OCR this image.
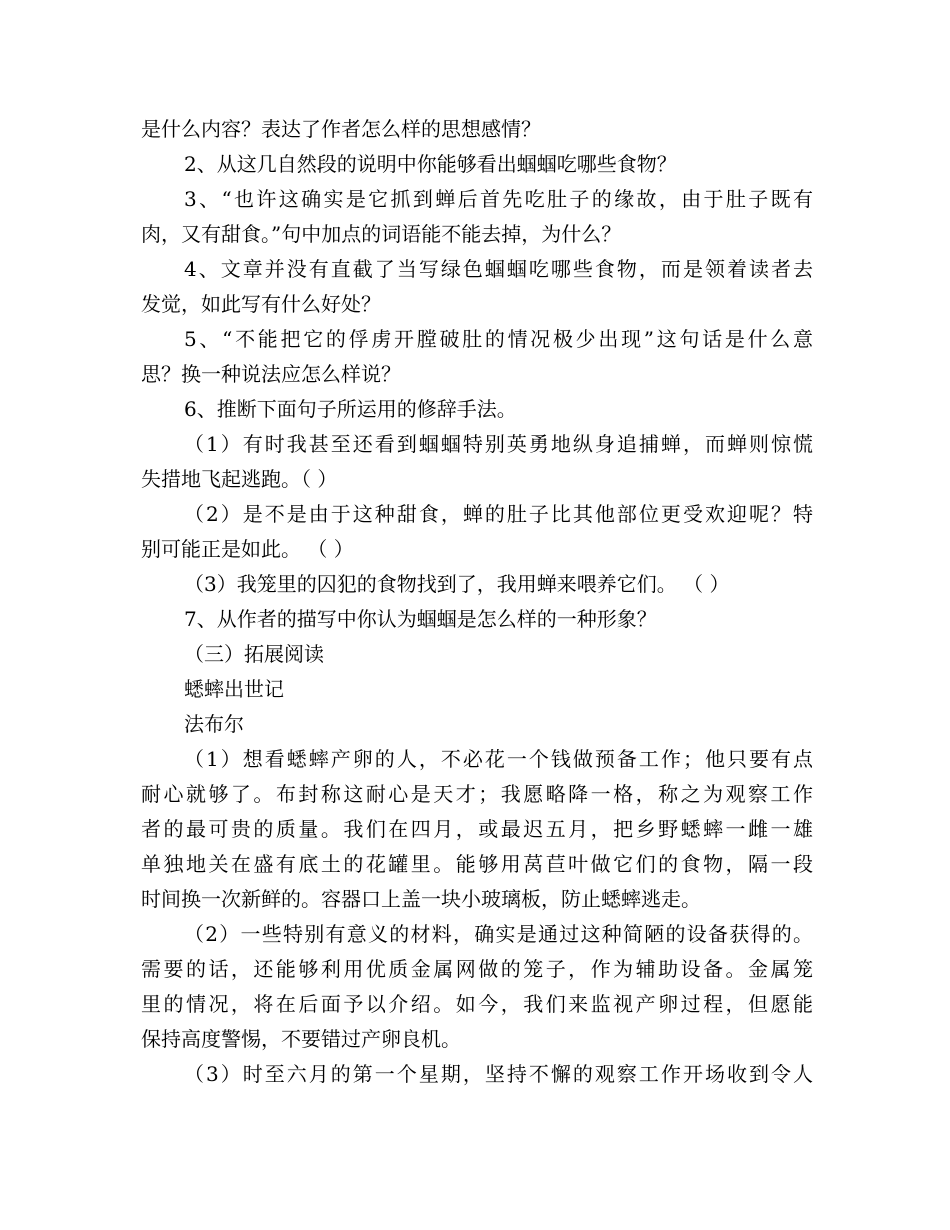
是什么内容？表达了作者怎么样的思想感情？
2、从这几自然段的说明中你能够看出蝈蝈吃哪些食物？
3、“也许这确实是它抓到蝉后首先吃肚子的缘故，由于肚子既有
肉，又有甜食。”句中加点的词语能不能去掉，为什么？
4、文章并没有直截了当写绿色蝈蝈吃哪些食物，而是领着读者去
发觉，如此写有什么好处？
5、“不能把它的俘虏开膛破肚的情况极少出现”这句话是什么意
思？换一种说法应怎么样说？
6、推断下面句子所运用的修辞手法。
（1）有时我甚至还看到蝈蝈特别英勇地纵身追捕蝉，而蝉则惊慌
失措地飞起逃跑。（ ）
（2）是不是由于这种甜食，蝉的肚子比其他部位更受欢迎呢？特
别可能正是如此。 （ ）
（3）我笼里的囚犯的食物找到了，我用蝉来喂养它们。 （ ）
7、从作者的描写中你认为蝈蝈是怎么样的一种形象？
（三）拓展阅读
蟋蟀出世记
法布尔
（1）想看蟋蟀产卵的人，不必花一个钱做预备工作；他只要有点
耐心就够了。布封称这耐心是天才；我愿略降一格，称之为观察工作
者的最可贵的质量。我们在四月，或最迟五月，把乡野蟋蟀一雌一雄
单独地关在盛有底土的花罐里。能够用莴苣叶做它们的食物，隔一段
时间换一次新鲜的。容器口上盖一块小玻璃板，防止蟋蟀逃走。
（2）一些特别有意义的材料，确实是通过这种简陋的设备获得的。
需要的话，还能够利用优质金属网做的笼子，作为辅助设备。金属笼
里的情况，将在后面予以介绍。如今，我们来监视产卵过程，但愿能
保持高度警惕，不要错过产卵良机。
（3）时至六月的第一个星期，坚持不懈的观察工作开场收到令人
